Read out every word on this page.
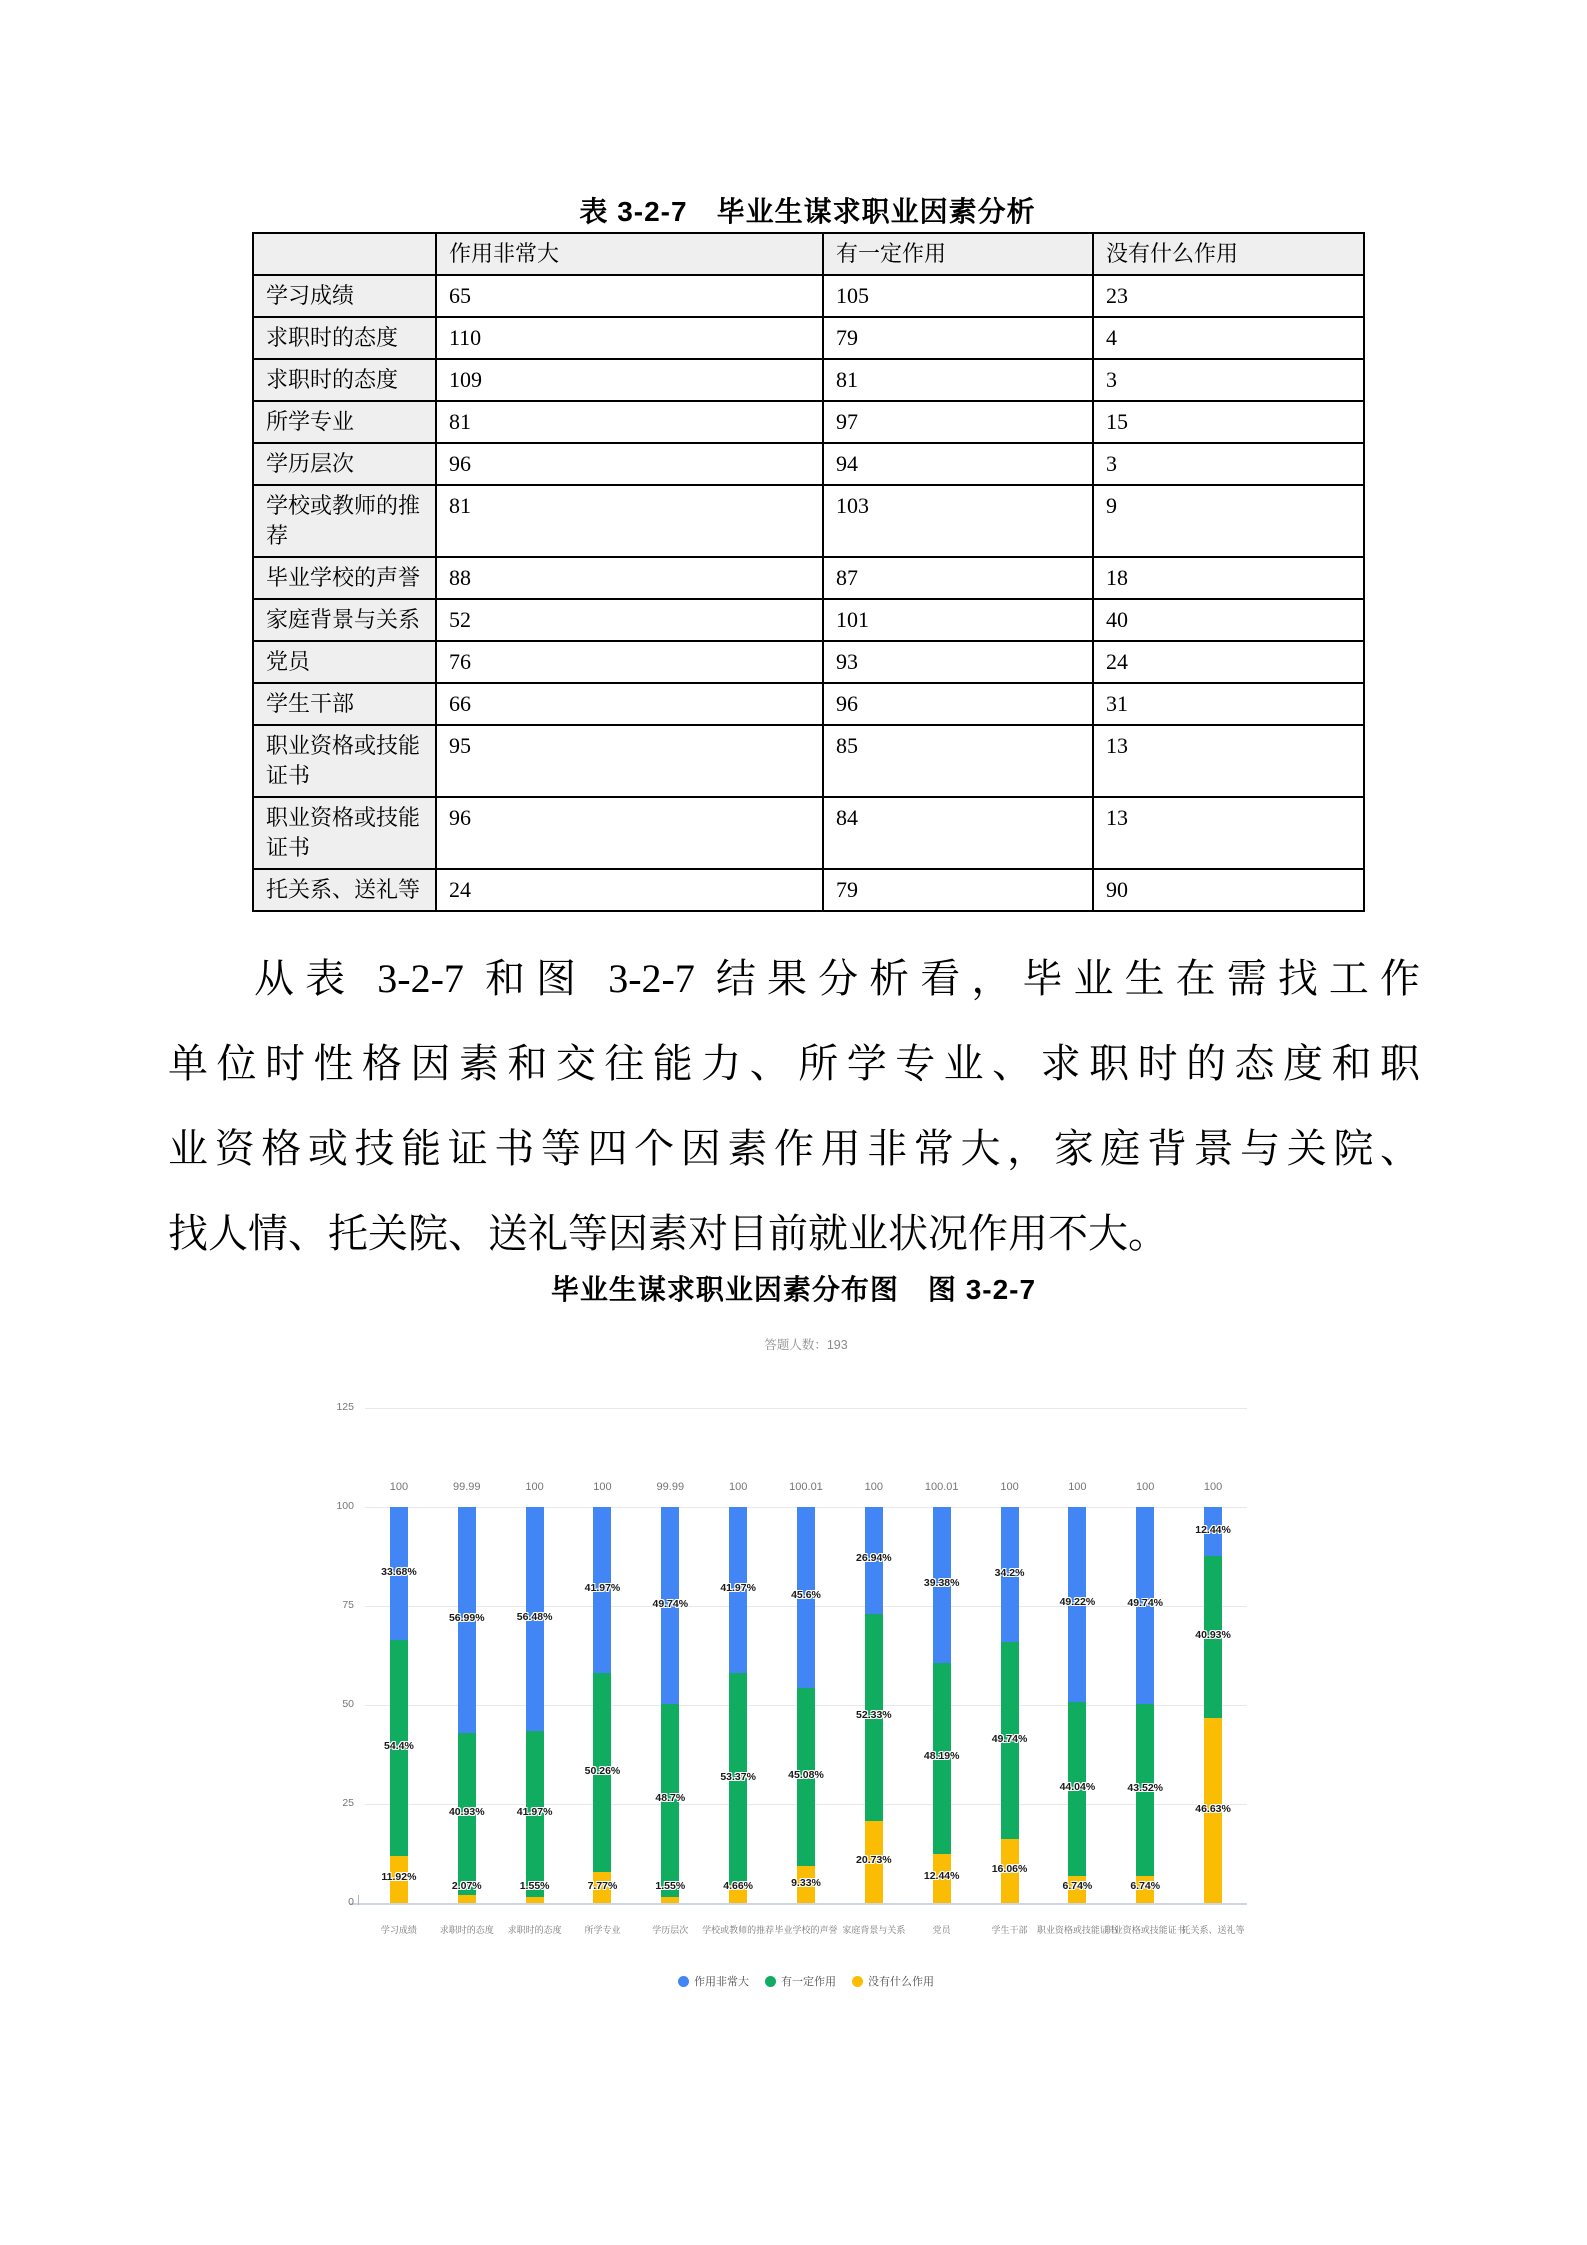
表 3-2-7　毕业生谋求职业因素分析
	作用非常大	有一定作用	没有什么作用
学习成绩	65	105	23
求职时的态度	110	79	4
求职时的态度	109	81	3
所学专业	81	97	15
学历层次	96	94	3
学校或教师的推荐	81	103	9
毕业学校的声誉	88	87	18
家庭背景与关系	52	101	40
党员	76	93	24
学生干部	66	96	31
职业资格或技能证书	95	85	13
职业资格或技能证书	96	84	13
托关系、送礼等	24	79	90
从表 3-2-7 和图 3-2-7 结果分析看，毕业生在需找工作
单位时性格因素和交往能力、所学专业、求职时的态度和职
业资格或技能证书等四个因素作用非常大，家庭背景与关院、
找人情、托关院、送礼等因素对目前就业状况作用不大。
毕业生谋求职业因素分布图　图 3-2-7
答题人数：193
0
25
50
75
100
125
100
11.92%
54.4%
33.68%
学习成绩
99.99
2.07%
40.93%
56.99%
求职时的态度
100
1.55%
41.97%
56.48%
求职时的态度
100
7.77%
50.26%
41.97%
所学专业
99.99
1.55%
48.7%
49.74%
学历层次
100
4.66%
53.37%
41.97%
学校或教师的推荐
100.01
9.33%
45.08%
45.6%
毕业学校的声誉
100
20.73%
52.33%
26.94%
家庭背景与关系
100.01
12.44%
48.19%
39.38%
党员
100
16.06%
49.74%
34.2%
学生干部
100
6.74%
44.04%
49.22%
职业资格或技能证书
100
6.74%
43.52%
49.74%
职业资格或技能证书
100
46.63%
40.93%
12.44%
托关系、送礼等
作用非常大	有一定作用	没有什么作用
